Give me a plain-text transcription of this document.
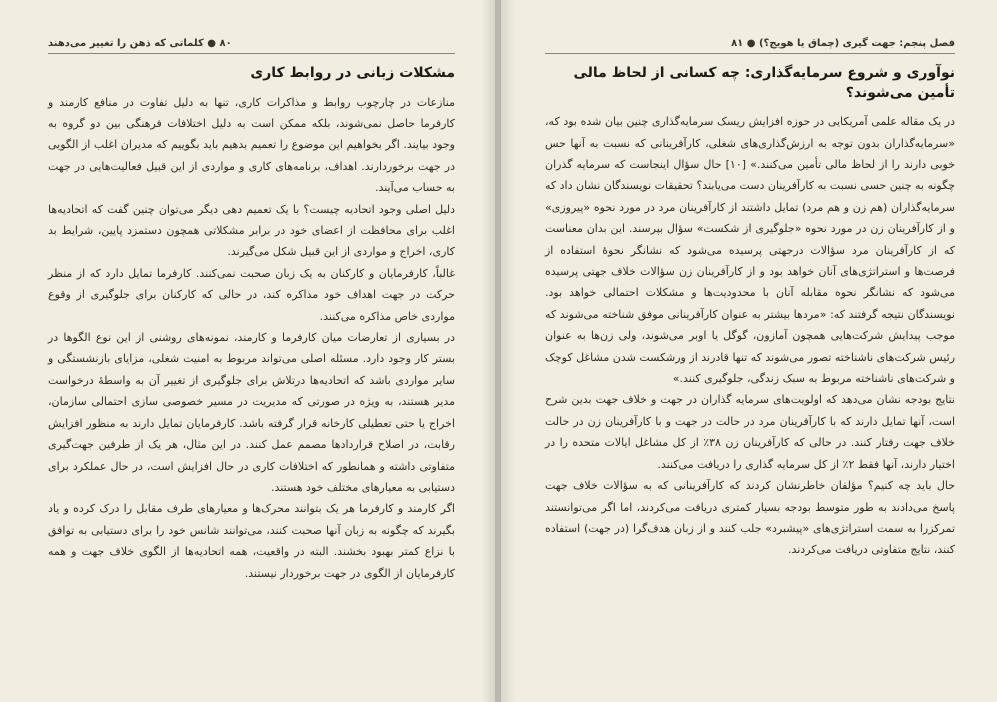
۸۰ ● کلماتی که ذهن را تغییر می‌دهند
مشکلات زبانی در روابط کاری

منازعات در چارچوب روابط و مذاکرات کاری، تنها به دلیل تفاوت در منافع کارمند و کارفرما حاصل نمی‌شوند، بلکه ممکن است به دلیل اختلافات فرهنگی بین دو گروه به وجود بیایند. اگر بخواهیم این موضوع را تعمیم بدهیم باید بگوییم که مدیران اغلب از الگویی در جهت برخوردارند. اهداف، برنامه‌های کاری و مواردی از این قبیل فعالیت‌هایی در جهت به حساب می‌آیند.

دلیل اصلی وجود اتحادیه چیست؟ با یک تعمیم دهی دیگر می‌توان چنین گفت که اتحادیه‌ها اغلب برای محافظت از اعضای خود در برابر مشکلاتی همچون دستمزد پایین، شرایط بد کاری، اخراج و مواردی از این قبیل شکل می‌گیرند.

غالباً، کارفرمایان و کارکنان به یک زبان صحبت نمی‌کنند. کارفرما تمایل دارد که از منظر حرکت در جهت اهداف خود مذاکره کند، در حالی که کارکنان برای جلوگیری از وقوع مواردی خاص مذاکره می‌کنند.

در بسیاری از تعارضات میان کارفرما و کارمند، نمونه‌های روشنی از این نوع الگوها در بستر کار وجود دارد. مسئله اصلی می‌تواند مربوط به امنیت شغلی، مزایای بازنشستگی و سایر مواردی باشد که اتحادیه‌ها درتلاش برای جلوگیری از تغییر آن به واسطهٔ درخواست مدیر هستند، به ویژه در صورتی که مدیریت در مسیر خصوصی سازی احتمالی سازمان، اخراج یا حتی تعطیلی کارخانه قرار گرفته باشد. کارفرمایان تمایل دارند به منظور افزایش رقابت، در اصلاح قراردادها مصمم عمل کنند. در این مثال، هر یک از طرفین جهت‌گیری متفاوتی داشته و همانطور که اختلافات کاری در حال افزایش است، در حال عملکرد برای دستیابی به معیارهای مختلف خود هستند.

اگر کارمند و کارفرما هر یک بتوانند محرک‌ها و معیارهای طرف مقابل را درک کرده و یاد بگیرند که چگونه به زبان آنها صحبت کنند، می‌توانند شانس خود را برای دستیابی به توافق با نزاع کمتر بهبود بخشند. البته در واقعیت، همه اتحادیه‌ها از الگوی خلاف جهت و همه کارفرمایان از الگوی در جهت برخوردار نیستند.

فصل پنجم: جهت گیری (چماق یا هویج؟) ● ۸۱
نوآوری و شروع سرمایه‌گذاری: چه کسانی از لحاظ مالی تأمین می‌شوند؟

در یک مقاله علمی آمریکایی در حوزه افزایش ریسک سرمایه‌گذاری چنین بیان شده بود که، «سرمایه‌گذاران بدون توجه به ارزش‌گذاری‌های شغلی، کارآفرینانی که نسبت به آنها حس خوبی دارند را از لحاظ مالی تأمین می‌کنند.» [۱۰] حال سؤال اینجاست که سرمایه گذران چگونه به چنین حسی نسبت به کارآفرینان دست می‌یابند؟ تحقیقات نویسندگان نشان داد که سرمایه‌گذاران (هم زن و هم مرد) تمایل داشتند از کارآفرینان مرد در مورد نحوه «پیروزی» و از کارآفرینان زن در مورد نحوه «جلوگیری از شکست» سؤال بپرسند. این بدان معناست که از کارآفرینان مرد سؤالات درجهتی پرسیده می‌شود که نشانگر نحوهٔ استفاده از فرصت‌ها و استراتژی‌های آنان خواهد بود و از کارآفرینان زن سؤالات خلاف جهتی پرسیده می‌شود که نشانگر نحوه مقابله آنان با محدودیت‌ها و مشکلات احتمالی خواهد بود. نویسندگان نتیجه گرفتند که: «مردها بیشتر به عنوان کارآفرینانی موفق شناخته می‌شوند که موجب پیدایش شرکت‌هایی همچون آمازون، گوگل یا اوبر می‌شوند، ولی زن‌ها به عنوان رئیس شرکت‌های ناشناخته تصور می‌شوند که تنها قادرند از ورشکست شدن مشاغل کوچک و شرکت‌های ناشناخته مربوط به سبک زندگی، جلوگیری کنند.»

نتایج بودجه نشان می‌دهد که اولویت‌های سرمایه گذاران در جهت و خلاف جهت بدین شرح است، آنها تمایل دارند که با کارآفرینان مرد در حالت در جهت و با کارآفرینان زن در حالت خلاف جهت رفتار کنند. در حالی که کارآفرینان زن ۳۸٪ از کل مشاغل ایالات متحده را در اختیار دارند، آنها فقط ۲٪ از کل سرمایه گذاری را دریافت می‌کنند.

حال باید چه کنیم؟ مؤلفان خاطرنشان کردند که کارآفرینانی که به سؤالات خلاف جهت پاسخ می‌دادند به طور متوسط بودجه بسیار کمتری دریافت می‌کردند، اما اگر می‌توانستند تمرکزرا به سمت استراتژی‌های «پیشبرد» جلب کنند و از زبان هدف‌گرا (در جهت) استفاده کنند، نتایج متفاوتی دریافت می‌کردند.
